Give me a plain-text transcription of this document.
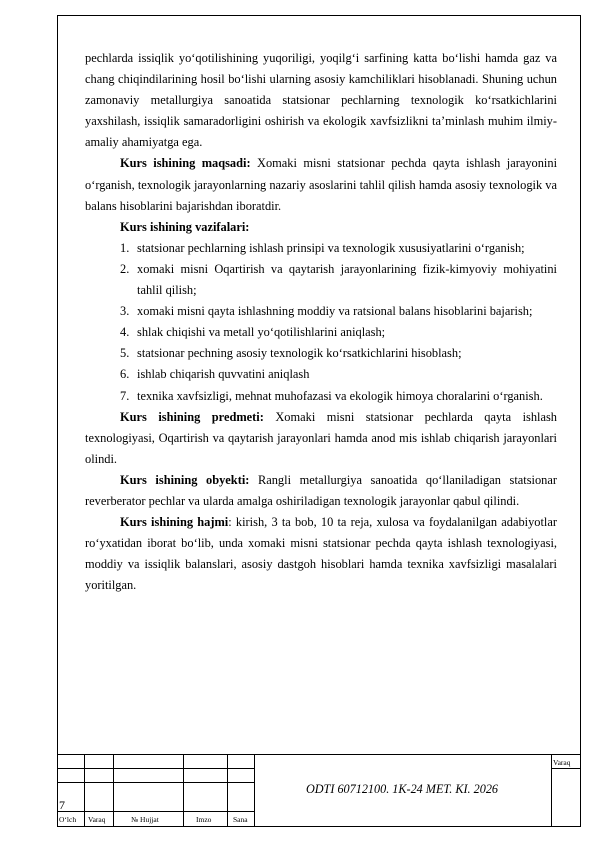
pechlarda issiqlik yo‘qotilishining yuqoriligi, yoqilg‘i sarfining katta bo‘lishi hamda gaz va chang chiqindilarining hosil bo‘lishi ularning asosiy kamchiliklari hisoblanadi. Shuning uchun zamonaviy metallurgiya sanoatida statsionar pechlarning texnologik ko‘rsatkichlarini yaxshilash, issiqlik samaradorligini oshirish va ekologik xavfsizlikni ta’minlash muhim ilmiy-amaliy ahamiyatga ega.

Kurs ishining maqsadi: Xomaki misni statsionar pechda qayta ishlash jarayonini o‘rganish, texnologik jarayonlarning nazariy asoslarini tahlil qilish hamda asosiy texnologik va balans hisoblarini bajarishdan iboratdir.

Kurs ishining vazifalari:

1. statsionar pechlarning ishlash prinsipi va texnologik xususiyatlarini o‘rganish;
2. xomaki misni Oqartirish va qaytarish jarayonlarining fizik-kimyoviy mohiyatini tahlil qilish;
3. xomaki misni qayta ishlashning moddiy va ratsional balans hisoblarini bajarish;
4. shlak chiqishi va metall yo‘qotilishlarini aniqlash;
5. statsionar pechning asosiy texnologik ko‘rsatkichlarini hisoblash;
6. ishlab chiqarish quvvatini aniqlash
7. texnika xavfsizligi, mehnat muhofazasi va ekologik himoya choralarini o‘rganish.

Kurs ishining predmeti: Xomaki misni statsionar pechlarda qayta ishlash texnologiyasi, Oqartirish va qaytarish jarayonlari hamda anod mis ishlab chiqarish jarayonlari olindi.

Kurs ishining obyekti: Rangli metallurgiya sanoatida qo‘llaniladigan statsionar reverberator pechlar va ularda amalga oshiriladigan texnologik jarayonlar qabul qilindi.

Kurs ishining hajmi: kirish, 3 ta bob, 10 ta reja, xulosa va foydalanilgan adabiyotlar ro‘yxatidan iborat bo‘lib, unda xomaki misni statsionar pechda qayta ishlash texnologiyasi, moddiy va issiqlik balanslari, asosiy dastgoh hisoblari hamda texnika xavfsizligi masalalari yoritilgan.

7
ODTI 60712100. 1K-24 MET. KI. 2026
Varaq
O‘lch Varaq	№ Hujjat	Imzo	Sana
